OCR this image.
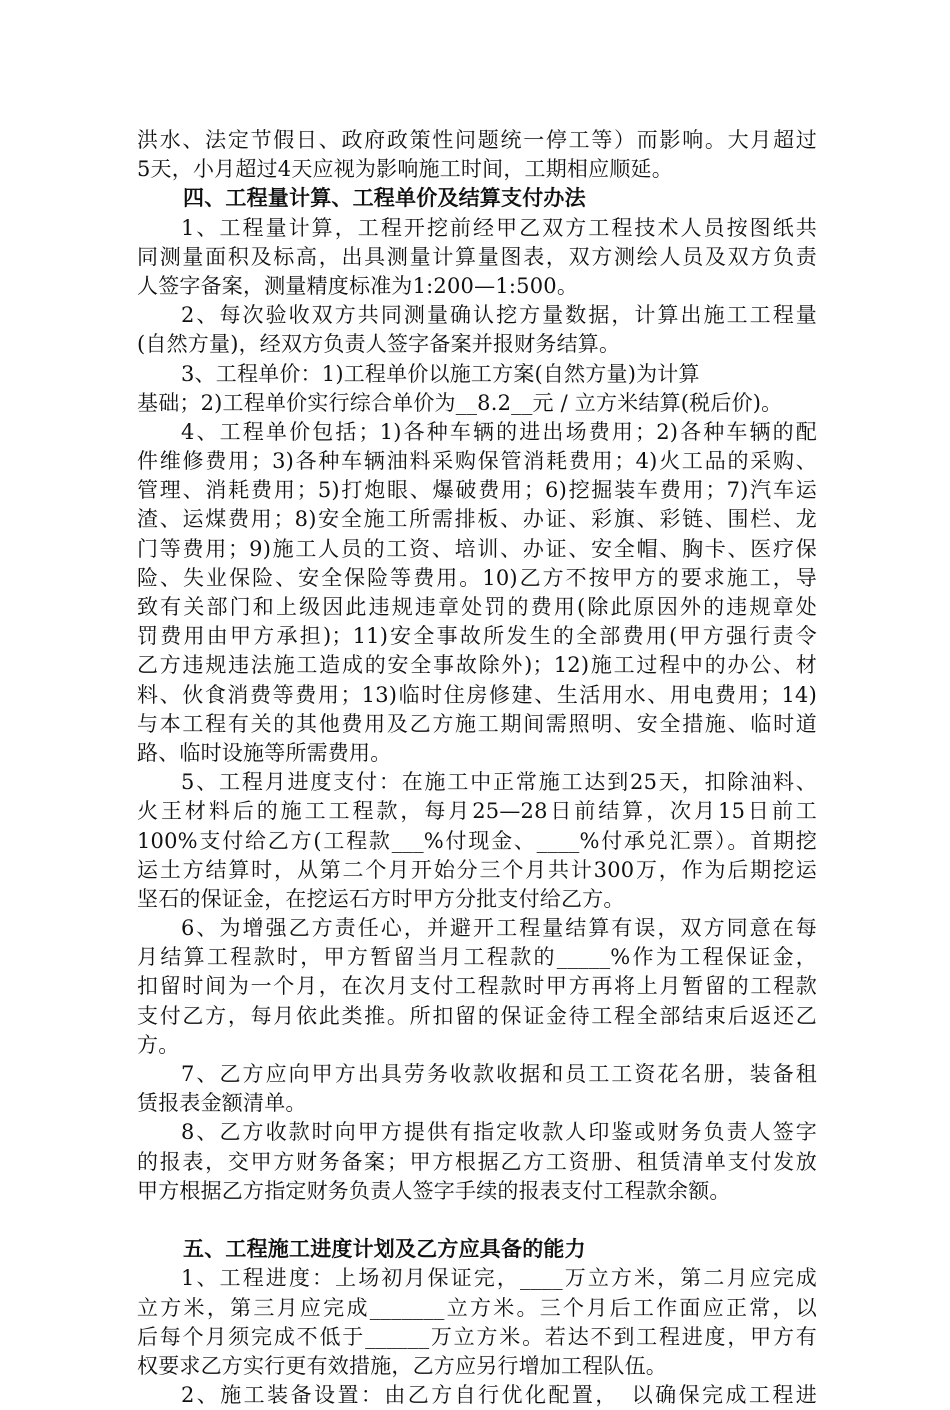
洪水、法定节假日、政府政策性问题统一停工等）而影响。大月超过
5天，小月超过4天应视为影响施工时间，工期相应顺延。
四、工程量计算、工程单价及结算支付办法
1、工程量计算，工程开挖前经甲乙双方工程技术人员按图纸共
同测量面积及标高，出具测量计算量图表，双方测绘人员及双方负责
人签字备案，测量精度标准为1:200—1:500。
2、每次验收双方共同测量确认挖方量数据，计算出施工工程量
(自然方量)，经双方负责人签字备案并报财务结算。
3、工程单价：1)工程单价以施工方案(自然方量)为计算
基础；2)工程单价实行综合单价为__8.2__元 / 立方米结算(税后价)。
4、工程单价包括；1)各种车辆的进出场费用；2)各种车辆的配
件维修费用；3)各种车辆油料采购保管消耗费用；4)火工品的采购、
管理、消耗费用；5)打炮眼、爆破费用；6)挖掘装车费用；7)汽车运
渣、运煤费用；8)安全施工所需排板、办证、彩旗、彩链、围栏、龙
门等费用；9)施工人员的工资、培训、办证、安全帽、胸卡、医疗保
险、失业保险、安全保险等费用。10)乙方不按甲方的要求施工，导
致有关部门和上级因此违规违章处罚的费用(除此原因外的违规章处
罚费用由甲方承担)；11)安全事故所发生的全部费用(甲方强行责令
乙方违规违法施工造成的安全事故除外)；12)施工过程中的办公、材
料、伙食消费等费用；13)临时住房修建、生活用水、用电费用；14)
与本工程有关的其他费用及乙方施工期间需照明、安全措施、临时道
路、临时设施等所需费用。
5、工程月进度支付：在施工中正常施工达到25天，扣除油料、
火王材料后的施工工程款，每月25—28日前结算，次月15日前工
100%支付给乙方(工程款___%付现金、____%付承兑汇票）。首期挖
运土方结算时，从第二个月开始分三个月共计300万，作为后期挖运
坚石的保证金，在挖运石方时甲方分批支付给乙方。
6、为增强乙方责任心，并避开工程量结算有误，双方同意在每
月结算工程款时，甲方暂留当月工程款的_____%作为工程保证金，
扣留时间为一个月，在次月支付工程款时甲方再将上月暂留的工程款
支付乙方，每月依此类推。所扣留的保证金待工程全部结束后返还乙
方。
7、乙方应向甲方出具劳务收款收据和员工工资花名册，装备租
赁报表金额清单。
8、乙方收款时向甲方提供有指定收款人印鉴或财务负责人签字
的报表，交甲方财务备案；甲方根据乙方工资册、租赁清单支付发放
甲方根据乙方指定财务负责人签字手续的报表支付工程款余额。
五、工程施工进度计划及乙方应具备的能力
1、工程进度：上场初月保证完，____万立方米，第二月应完成
立方米，第三月应完成_______立方米。三个月后工作面应正常，以
后每个月须完成不低于______万立方米。若达不到工程进度，甲方有
权要求乙方实行更有效措施，乙方应另行增加工程队伍。
2、施工装备设置：由乙方自行优化配置，　以确保完成工程进
